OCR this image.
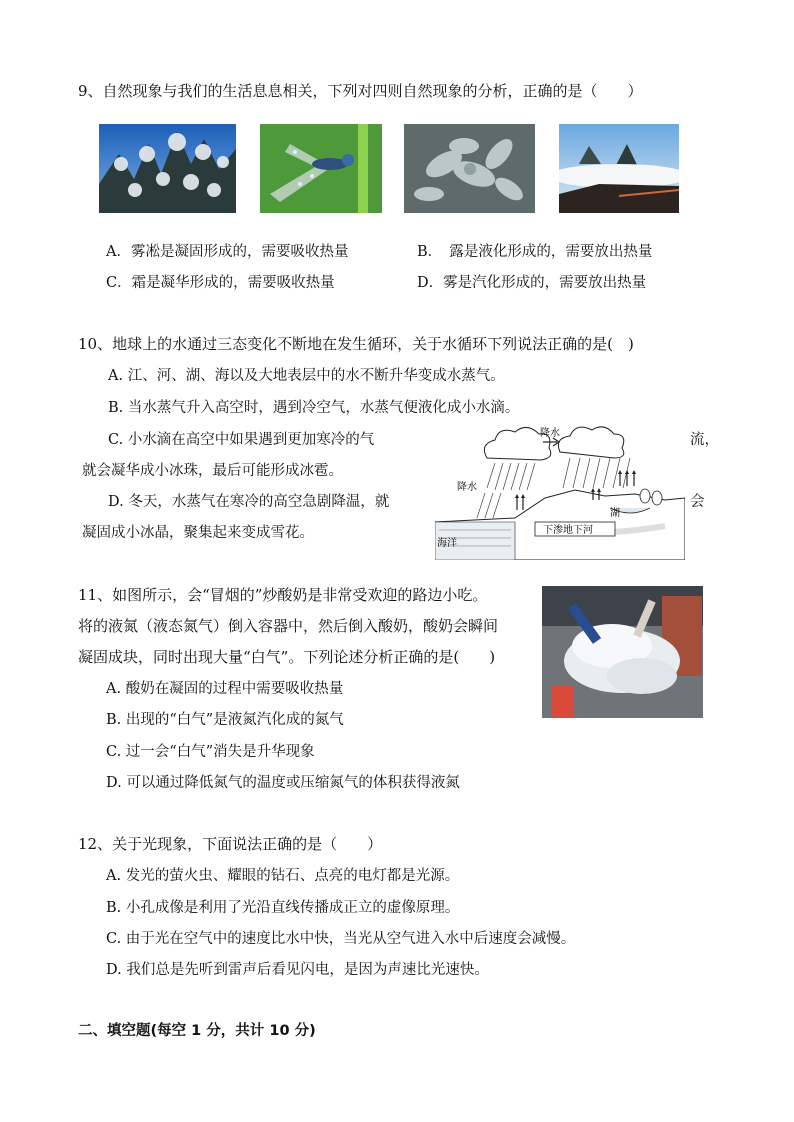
9、自然现象与我们的生活息息相关，下列对四则自然现象的分析，正确的是（　　）
A．雾凇是凝固形成的，需要吸收热量	B．　露是液化形成的，需要放出热量
C．霜是凝华形成的，需要吸收热量	D．雾是汽化形成的，需要放出热量
10、地球上的水通过三态变化不断地在发生循环，关于水循环下列说法正确的是(　)
A. 江、河、湖、海以及大地表层中的水不断升华变成水蒸气。
B. 当水蒸气升入高空时，遇到冷空气，水蒸气便液化成小水滴。
C. 小水滴在高空中如果遇到更加寒冷的气	流，
就会凝华成小冰珠，最后可能形成冰雹。
D. 冬天，水蒸气在寒冷的高空急剧降温，就	会
凝固成小冰晶，聚集起来变成雪花。
降水
降水
湖
下渗地下河
海洋
11、如图所示，会“冒烟的”炒酸奶是非常受欢迎的路边小吃。
将的液氮（液态氮气）倒入容器中，然后倒入酸奶，酸奶会瞬间
凝固成块，同时出现大量“白气”。下列论述分析正确的是(　　)
A. 酸奶在凝固的过程中需要吸收热量
B. 出现的“白气”是液氮汽化成的氮气
C. 过一会“白气”消失是升华现象
D. 可以通过降低氮气的温度或压缩氮气的体积获得液氮
12、关于光现象，下面说法正确的是（　　）
A. 发光的萤火虫、耀眼的钻石、点亮的电灯都是光源。
B. 小孔成像是利用了光沿直线传播成正立的虚像原理。
C. 由于光在空气中的速度比水中快，当光从空气进入水中后速度会减慢。
D. 我们总是先听到雷声后看见闪电，是因为声速比光速快。
二、填空题(每空 1 分，共计 10 分)
